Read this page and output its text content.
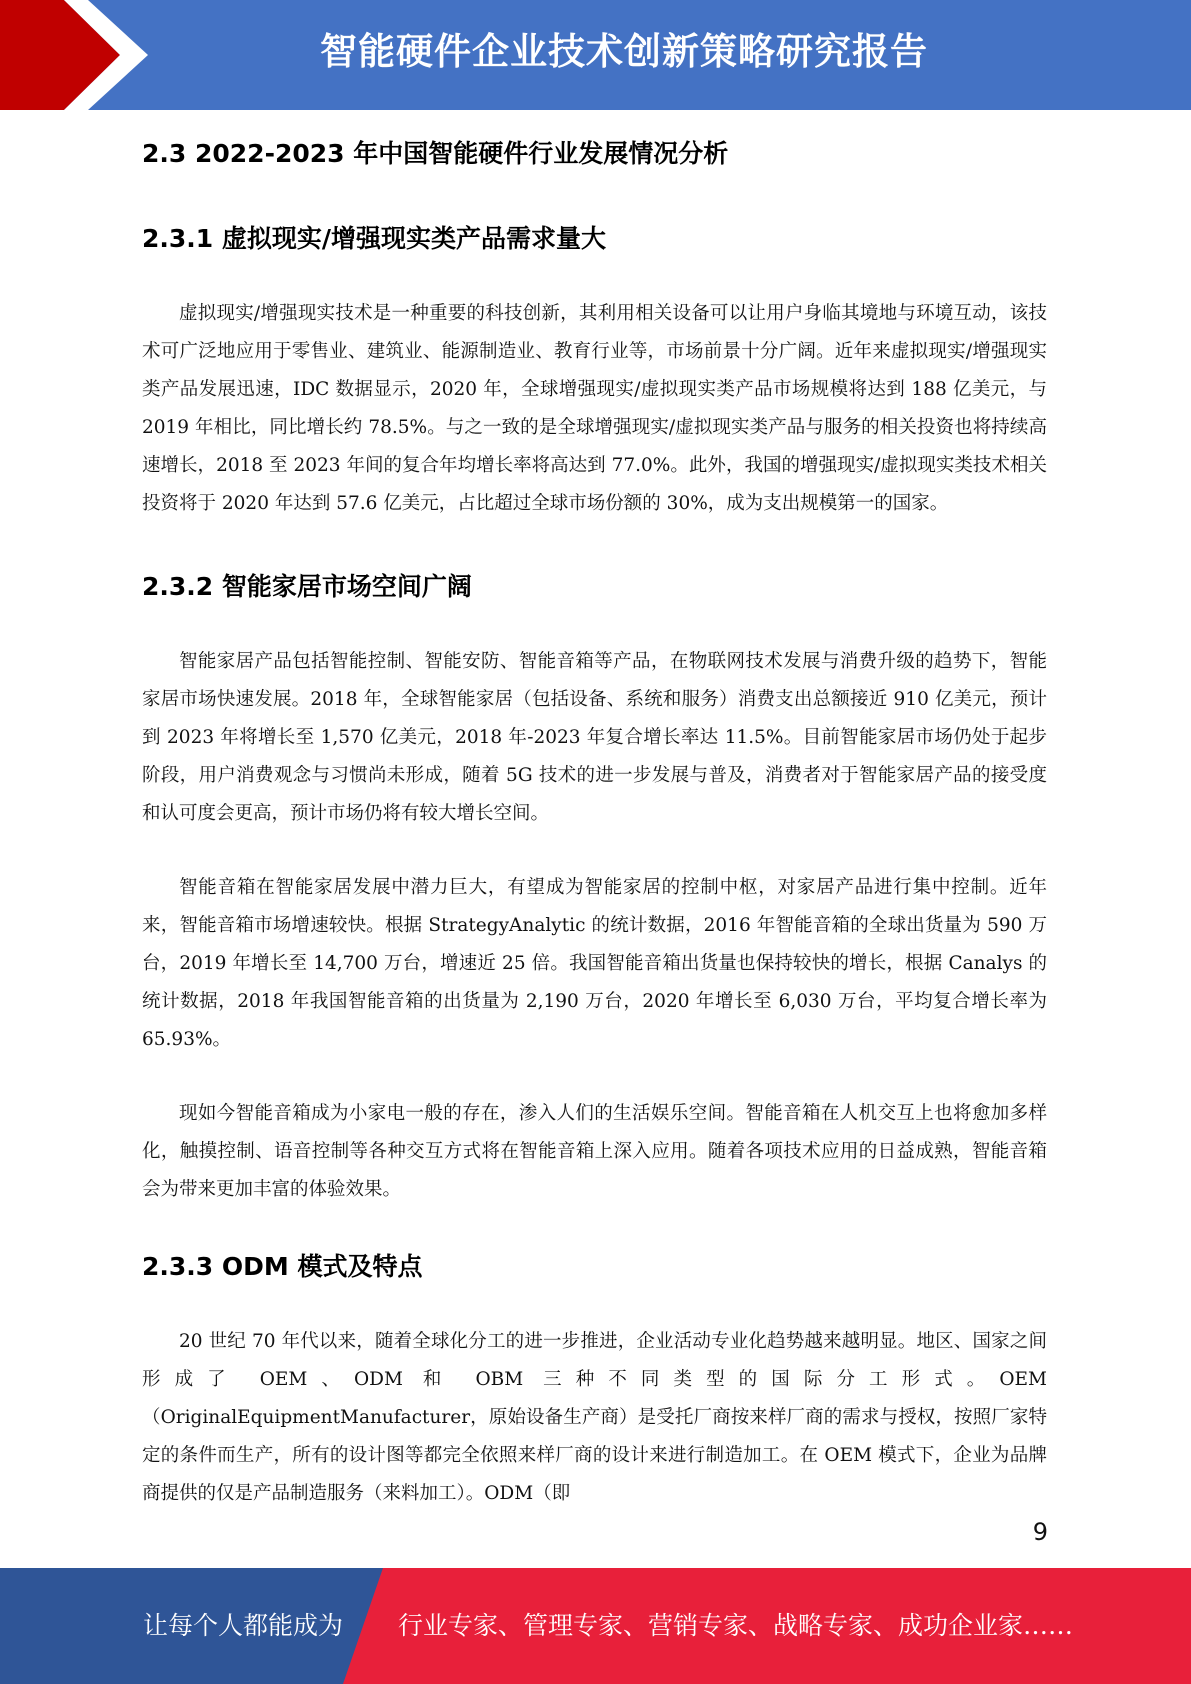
智能硬件企业技术创新策略研究报告
2.3 2022-2023 年中国智能硬件行业发展情况分析
2.3.1 虚拟现实/增强现实类产品需求量大

虚拟现实/增强现实技术是一种重要的科技创新，其利用相关设备可以让用户身临其境地与环境互动，该技术可广泛地应用于零售业、建筑业、能源制造业、教育行业等，市场前景十分广阔。近年来虚拟现实/增强现实类产品发展迅速，IDC 数据显示，2020 年，全球增强现实/虚拟现实类产品市场规模将达到 188 亿美元，与 2019 年相比，同比增长约 78.5%。与之一致的是全球增强现实/虚拟现实类产品与服务的相关投资也将持续高速增长，2018 至 2023 年间的复合年均增长率将高达到 77.0%。此外，我国的增强现实/虚拟现实类技术相关投资将于 2020 年达到 57.6 亿美元，占比超过全球市场份额的 30%，成为支出规模第一的国家。

2.3.2 智能家居市场空间广阔

智能家居产品包括智能控制、智能安防、智能音箱等产品，在物联网技术发展与消费升级的趋势下，智能家居市场快速发展。2018 年，全球智能家居（包括设备、系统和服务）消费支出总额接近 910 亿美元，预计到 2023 年将增长至 1,570 亿美元，2018 年-2023 年复合增长率达 11.5%。目前智能家居市场仍处于起步阶段，用户消费观念与习惯尚未形成，随着 5G 技术的进一步发展与普及，消费者对于智能家居产品的接受度和认可度会更高，预计市场仍将有较大增长空间。

智能音箱在智能家居发展中潜力巨大，有望成为智能家居的控制中枢，对家居产品进行集中控制。近年来，智能音箱市场增速较快。根据 StrategyAnalytic 的统计数据，2016 年智能音箱的全球出货量为 590 万台，2019 年增长至 14,700 万台，增速近 25 倍。我国智能音箱出货量也保持较快的增长，根据 Canalys 的统计数据，2018 年我国智能音箱的出货量为 2,190 万台，2020 年增长至 6,030 万台，平均复合增长率为 65.93%。

现如今智能音箱成为小家电一般的存在，渗入人们的生活娱乐空间。智能音箱在人机交互上也将愈加多样化，触摸控制、语音控制等各种交互方式将在智能音箱上深入应用。随着各项技术应用的日益成熟，智能音箱会为带来更加丰富的体验效果。

2.3.3 ODM 模式及特点

20 世纪 70 年代以来，随着全球化分工的进一步推进，企业活动专业化趋势越来越明显。地区、国家之间形成了 OEM、ODM 和 OBM 三种不同类型的国际分工形式。OEM（OriginalEquipmentManufacturer，原始设备生产商）是受托厂商按来样厂商的需求与授权，按照厂家特定的条件而生产，所有的设计图等都完全依照来样厂商的设计来进行制造加工。在 OEM 模式下，企业为品牌商提供的仅是产品制造服务（来料加工）。ODM（即

9
让每个人都能成为 行业专家、管理专家、营销专家、战略专家、成功企业家……
